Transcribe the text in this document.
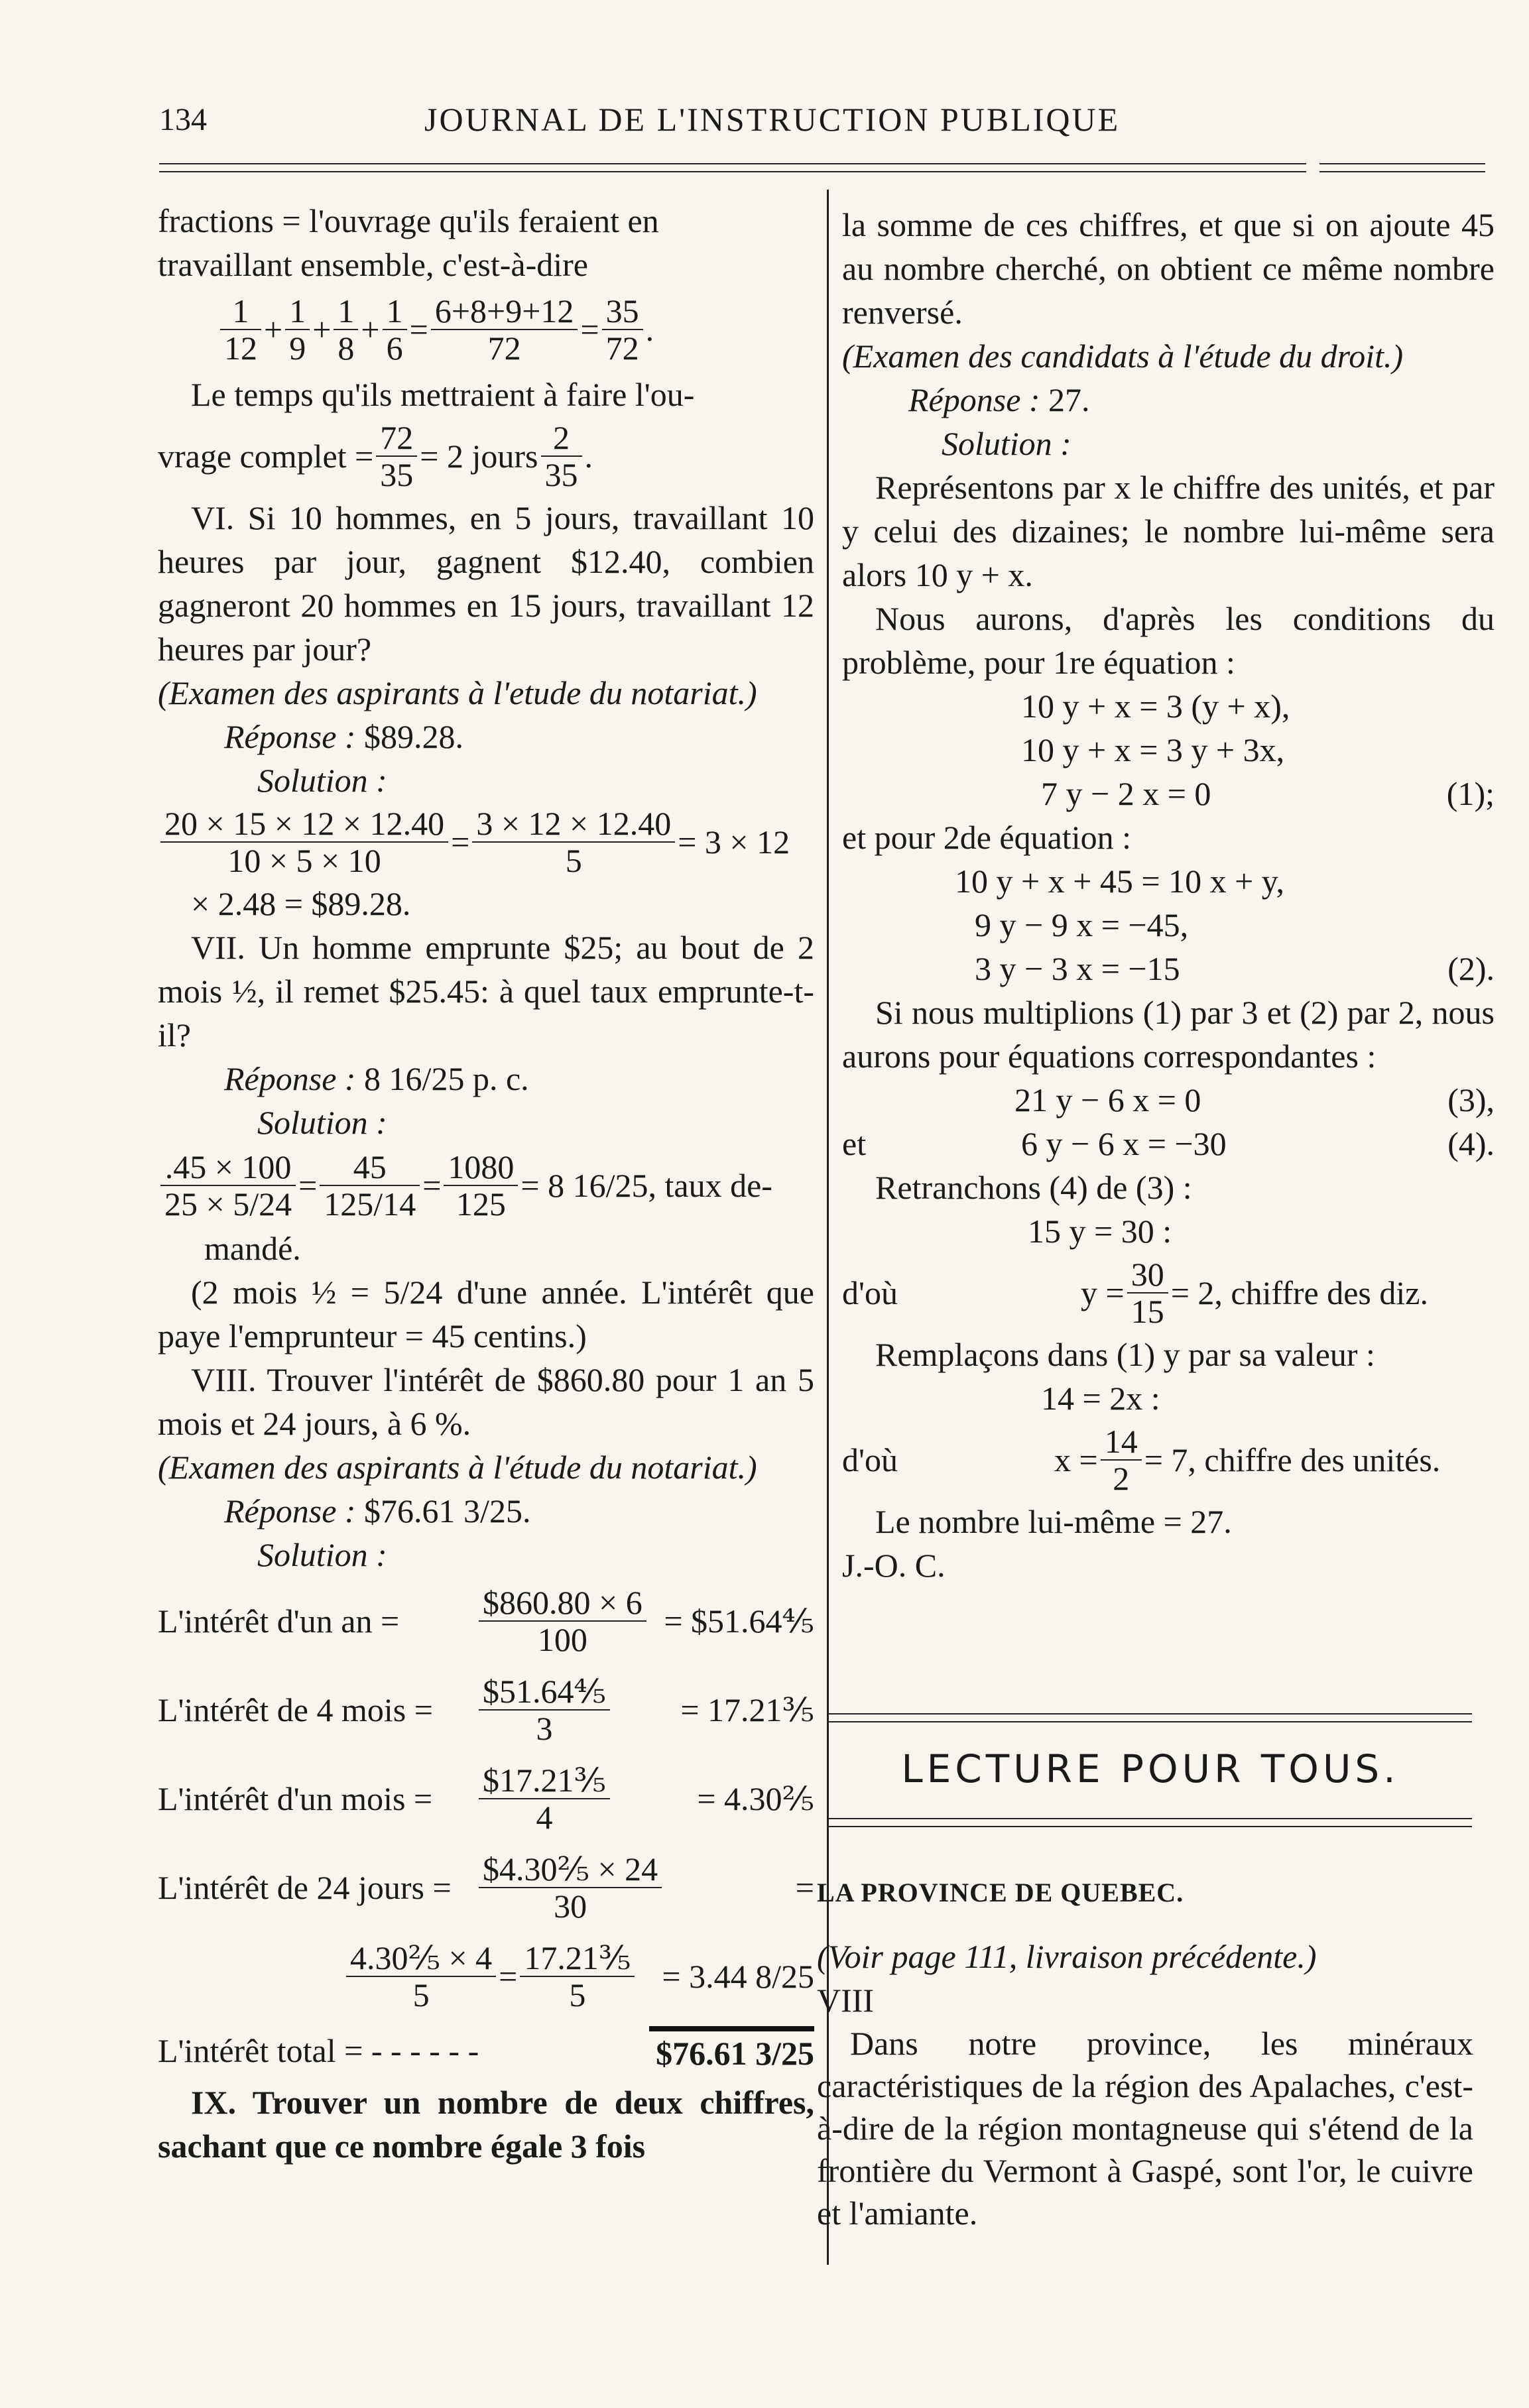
134	JOURNAL DE L'INSTRUCTION PUBLIQUE

fractions = l'ouvrage qu'ils feraient en

travaillant ensemble, c'est-à-dire

$\frac{1}{12} + \frac{1}{9} + \frac{1}{8} + \frac{1}{6} = \frac{6+8+9+12}{72} = \frac{35}{72}$ .

Le temps qu'ils mettraient à faire l'ou-

vrage complet = $\frac{72}{35} = 2$ jours $\frac{2}{35}$ .

VI. Si 10 hommes, en 5 jours, travaillant 10 heures par jour, gagnent $12.40, combien gagneront 20 hommes en 15 jours, travaillant 12 heures par jour?

(Examen des aspirants à l'etude du notariat.)

Réponse : $89.28.

Solution :

$\frac{20 \times 15 \times 12 \times 12.40}{10 \times 5 \times 10} = \frac{3 \times 12 \times 12.40}{5} = 3 \times 12$

× 2.48 = $89.28.

VII. Un homme emprunte $25; au bout de 2 mois ½, il remet $25.45: à quel taux emprunte-t-il?

Réponse : 8 16/25 p. c.

Solution :

$\frac{.45 \times 100}{25 \times 5/24} = \frac{45}{125/14} = \frac{1080}{125} = 8$ 16/25, taux de-

mandé.

(2 mois ½ = 5/24 d'une année. L'intérêt que paye l'emprunteur = 45 centins.)

VIII. Trouver l'intérêt de $860.80 pour 1 an 5 mois et 24 jours, à 6 %.

(Examen des aspirants à l'étude du notariat.)

Réponse : $76.61 3/25.

Solution :

L'intérêt d'un an =	$\frac{\$860.80 \times 6}{100}$ = $51.64⅘
L'intérêt de 4 mois =	$\frac{\text{\$51.64⅘}}{3}$ = 17.21⅗
L'intérêt d'un mois =	$\frac{\text{\$17.21⅗}}{4}$	= 4.30⅖
L'intérêt de 24 jours = $\frac{\text{\$4.30⅖ × 24}}{30}$	=
$\frac{\text{4.30⅖ × 4}}{5} = \frac{\text{17.21⅗}}{5} = 3.44$ 8/25
L'intérêt total = - - - - - -	$76.61 3/25

IX. Trouver un nombre de deux chiffres, sachant que ce nombre égale 3 fois

la somme de ces chiffres, et que si on ajoute 45 au nombre cherché, on obtient ce même nombre renversé.

(Examen des candidats à l'étude du droit.)

Réponse : 27.

Solution :

Représentons par x le chiffre des unités, et par y celui des dizaines; le nombre lui-même sera alors 10 y + x.

Nous aurons, d'après les conditions du problème, pour 1re équation :

10 y + x = 3 (y + x),
10 y + x = 3 y + 3x,
7 y − 2 x = 0	(1);

et pour 2de équation :

10 y + x + 45 = 10 x + y,
9 y − 9 x = −45,
3 y − 3 x = −15	(2).

Si nous multiplions (1) par 3 et (2) par 2, nous aurons pour équations correspondantes :

21 y − 6 x = 0	(3),
et	6 y − 6 x = −30	(4).

Retranchons (4) de (3) :

15 y = 30 :

d'où	$y = \frac{30}{15} = 2$, chiffre des diz.

Remplaçons dans (1) y par sa valeur :

14 = 2x :

d'où	$x = \frac{14}{2} = 7$, chiffre des unités.

Le nombre lui-même = 27.

J.-O. C.

LECTURE POUR TOUS.

LA PROVINCE DE QUEBEC.

(Voir page 111, livraison précédente.)

VIII

Dans notre province, les minéraux caractéristiques de la région des Apalaches, c'est-à-dire de la région montagneuse qui s'étend de la frontière du Vermont à Gaspé, sont l'or, le cuivre et l'amiante.
